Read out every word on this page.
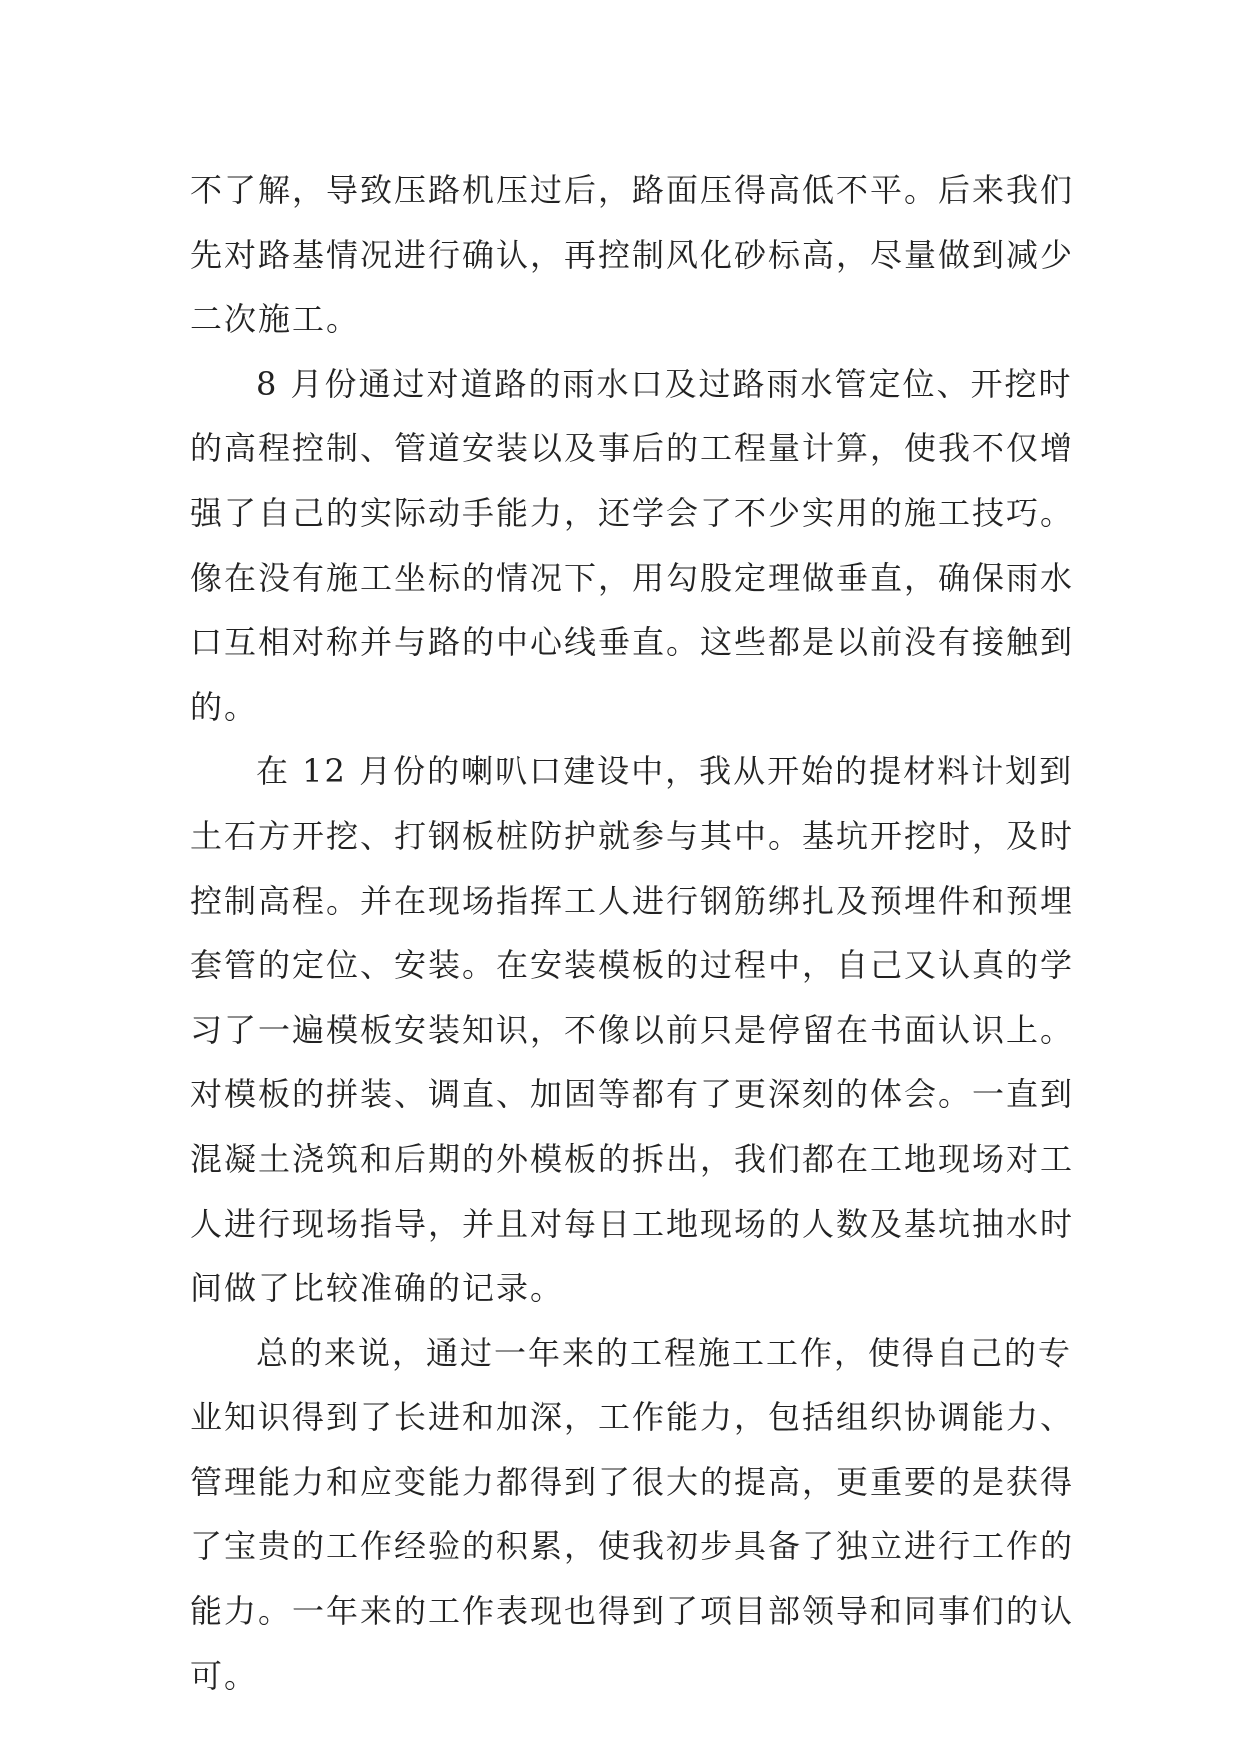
不了解，导致压路机压过后，路面压得高低不平。后来我们
先对路基情况进行确认，再控制风化砂标高，尽量做到减少
二次施工。
8 月份通过对道路的雨水口及过路雨水管定位、开挖时
的高程控制、管道安装以及事后的工程量计算，使我不仅增
强了自己的实际动手能力，还学会了不少实用的施工技巧。
像在没有施工坐标的情况下，用勾股定理做垂直，确保雨水
口互相对称并与路的中心线垂直。这些都是以前没有接触到
的。
在 12 月份的喇叭口建设中，我从开始的提材料计划到
土石方开挖、打钢板桩防护就参与其中。基坑开挖时，及时
控制高程。并在现场指挥工人进行钢筋绑扎及预埋件和预埋
套管的定位、安装。在安装模板的过程中，自己又认真的学
习了一遍模板安装知识，不像以前只是停留在书面认识上。
对模板的拼装、调直、加固等都有了更深刻的体会。一直到
混凝土浇筑和后期的外模板的拆出，我们都在工地现场对工
人进行现场指导，并且对每日工地现场的人数及基坑抽水时
间做了比较准确的记录。
总的来说，通过一年来的工程施工工作，使得自己的专
业知识得到了长进和加深，工作能力，包括组织协调能力、
管理能力和应变能力都得到了很大的提高，更重要的是获得
了宝贵的工作经验的积累，使我初步具备了独立进行工作的
能力。一年来的工作表现也得到了项目部领导和同事们的认
可。
